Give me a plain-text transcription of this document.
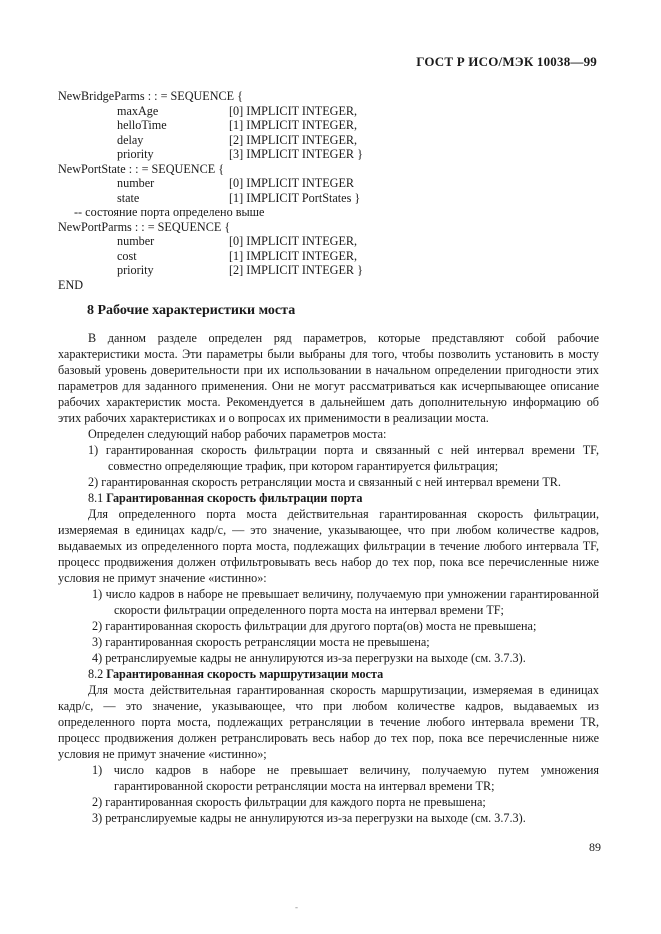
ГОСТ Р ИСО/МЭК 10038—99
NewBridgeParms : : = SEQUENCE {
maxAge	[0] IMPLICIT INTEGER,
helloTime	[1] IMPLICIT INTEGER,
delay	[2] IMPLICIT INTEGER,
priority	[3] IMPLICIT INTEGER }
NewPortState : : = SEQUENCE {
number	[0] IMPLICIT INTEGER
state	[1] IMPLICIT PortStates }
-- состояние порта определено выше
NewPortParms : : = SEQUENCE {
number	[0] IMPLICIT INTEGER,
cost	[1] IMPLICIT INTEGER,
priority	[2] IMPLICIT INTEGER }
END
8 Рабочие характеристики моста

В данном разделе определен ряд параметров, которые представляют собой рабочие характеристики моста. Эти параметры были выбраны для того, чтобы позволить установить в мосту базовый уровень доверительности при их использовании в начальном определении пригодности этих параметров для заданного применения. Они не могут рассматриваться как исчерпывающее описание рабочих характеристик моста. Рекомендуется в дальнейшем дать дополнительную информацию об этих рабочих характеристиках и о вопросах их применимости в реализации моста.

Определен следующий набор рабочих параметров моста:

1) гарантированная скорость фильтрации порта и связанный с ней интервал времени TF, совместно определяющие трафик, при котором гарантируется фильтрация;

2) гарантированная скорость ретрансляции моста и связанный с ней интервал времени TR.

8.1 Гарантированная скорость фильтрации порта

Для определенного порта моста действительная гарантированная скорость фильтрации, измеряемая в единицах кадр/с, — это значение, указывающее, что при любом количестве кадров, выдаваемых из определенного порта моста, подлежащих фильтрации в течение любого интервала TF, процесс продвижения должен отфильтровывать весь набор до тех пор, пока все перечисленные ниже условия не примут значение «истинно»:

1) число кадров в наборе не превышает величину, получаемую при умножении гарантированной скорости фильтрации определенного порта моста на интервал времени TF;

2) гарантированная скорость фильтрации для другого порта(ов) моста не превышена;

3) гарантированная скорость ретрансляции моста не превышена;

4) ретранслируемые кадры не аннулируются из-за перегрузки на выходе (см. 3.7.3).

8.2 Гарантированная скорость маршрутизации моста

Для моста действительная гарантированная скорость маршрутизации, измеряемая в единицах кадр/с, — это значение, указывающее, что при любом количестве кадров, выдаваемых из определенного порта моста, подлежащих ретрансляции в течение любого интервала времени TR, процесс продвижения должен ретранслировать весь набор до тех пор, пока все перечисленные ниже условия не примут значение «истинно»;

1) число кадров в наборе не превышает величину, получаемую путем умножения гарантированной скорости ретрансляции моста на интервал времени TR;

2) гарантированная скорость фильтрации для каждого порта не превышена;

3) ретранслируемые кадры не аннулируются из-за перегрузки на выходе (см. 3.7.3).

89
-
